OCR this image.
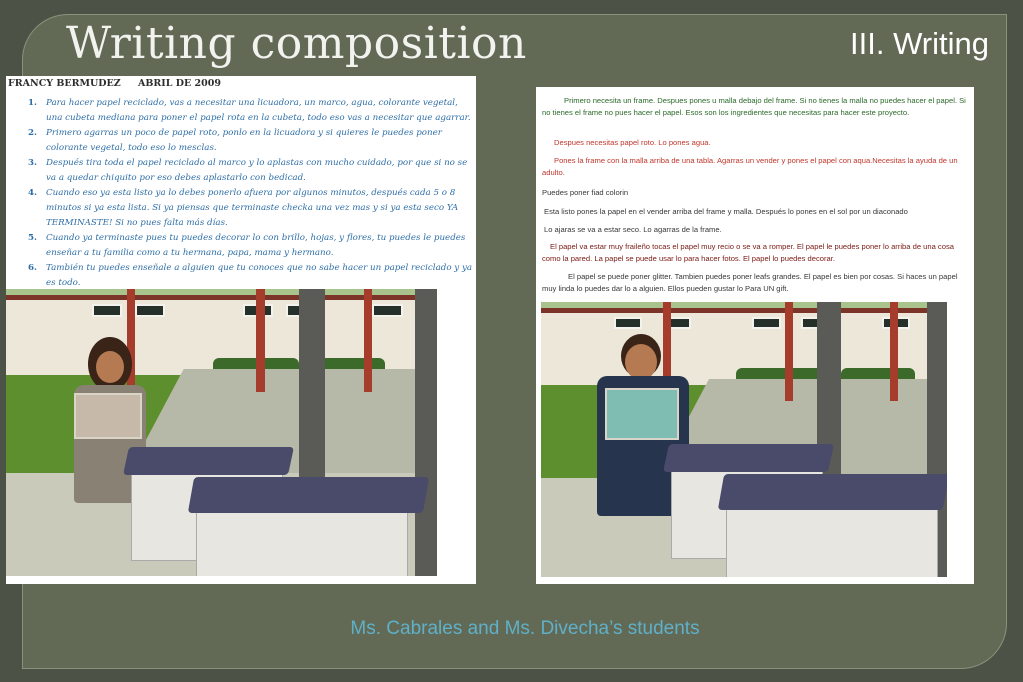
Writing composition	III. Writing
FRANCY BERMUDEZ ABRIL DE 2009
1. Para hacer papel reciclado, vas a necesitar una licuadora, un marco, agua, colorante vegetal, una cubeta mediana para poner el papel rota en la cubeta, todo eso vas a necesitar que agarrar.
2. Primero agarras un poco de papel roto, ponlo en la licuadora y si quieres le puedes poner colorante vegetal, todo eso lo mesclas.
3. Después tira toda el papel reciclado al marco y lo aplastas con mucho cuidado, por que si no se va a quedar chiquito por eso debes aplastarlo con bedicad.
4. Cuando eso ya esta listo ya lo debes ponerlo afuera por algunos minutos, después cada 5 o 8 minutos si ya esta lista. Si ya piensas que terminaste checka una vez mas y si ya esta seco YA TERMINASTE! Si no pues falta más días.
5. Cuando ya terminaste pues tu puedes decorar lo con brillo, hojas, y flores, tu puedes le puedes enseñar a tu familia como a tu hermana, papa, mama y hermano.
6. También tu puedes enseñale a alguien que tu conoces que no sabe hacer un papel reciclado y ya es todo.
Primero necesita un frame. Despues pones u malla debajo del frame. Si no tienes la malla no puedes hacer el papel. Si no tienes el frame no pues hacer el papel. Esos son los ingredientes que necesitas para hacer este proyecto.
Despues necesitas papel roto. Lo pones agua.
Pones la frame con la malla arriba de una tabla. Agarras un vender y pones el papel con aqua.Necesitas la ayuda de un adulto.
Puedes poner fiad colorin
Esta listo pones la papel en el vender arriba del frame y malla. Después lo pones en el sol por un diaconado
Lo ajaras se va a estar seco. Lo agarras de la frame.
El papel va estar muy fraileño tocas el papel muy recio o se va a romper. El papel le puedes poner lo arriba de una cosa como la pared. La papel se puede usar lo para hacer fotos. El papel lo puedes decorar.
El papel se puede poner glitter. Tambien puedes poner leafs grandes. El papel es bien por cosas. Si haces un papel muy linda lo puedes dar lo a alguien. Ellos pueden gustar lo Para UN gift.
Ms. Cabrales and Ms. Divecha’s students
